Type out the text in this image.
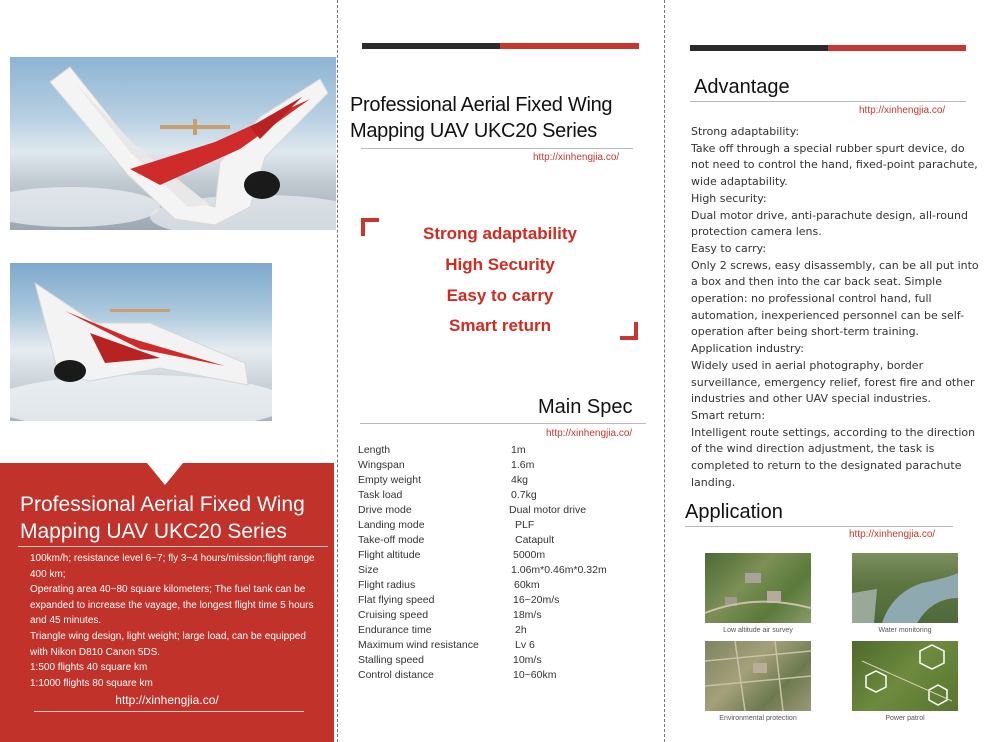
Professional Aerial Fixed Wing Mapping UAV UKC20 Series

100km/h; resistance level 6~7; fly 3~4 hours/mission;flight range 400 km;

Operating area 40~80 square kilometers; The fuel tank can be expanded to increase the vayage, the longest flight time 5 hours and 45 minutes.

Triangle wing design, light weight; large load, can be equipped with Nikon D810 Canon 5DS.

1:500 flights 40 square km

1:1000 flights 80 square km

http://xinhengjia.co/
Professional Aerial Fixed Wing Mapping UAV UKC20 Series
http://xinhengjia.co/
Strong adaptability
High Security
Easy to carry
Smart return
Main Spec
http://xinhengjia.co/
Length	1m
Wingspan	1.6m
Empty weight	4kg
Task load	0.7kg
Drive mode	Dual motor drive
Landing mode	PLF
Take-off mode	Catapult
Flight altitude	5000m
Size	1.06m*0.46m*0.32m
Flight radius	60km
Flat flying speed	16~20m/s
Cruising speed	18m/s
Endurance time	2h
Maximum wind resistance	Lv 6
Stalling speed	10m/s
Control distance	10~60km
Advantage
http://xinhengjia.co/

Strong adaptability:

Take off through a special rubber spurt device, do not need to control the hand, fixed-point parachute, wide adaptability.

High security:

Dual motor drive, anti-parachute design, all-round protection camera lens.

Easy to carry:

Only 2 screws, easy disassembly, can be all put into a box and then into the car back seat. Simple operation: no professional control hand, full automation, inexperienced personnel can be self-operation after being short-term training.

Application industry:

Widely used in aerial photography, border surveillance, emergency relief, forest fire and other industries and other UAV special industries.

Smart return:

Intelligent route settings, according to the direction of the wind direction adjustment, the task is completed to return to the designated parachute landing.

Application
http://xinhengjia.co/
Low altitude air survey	Water monitoring
Environmental protection	Power patrol
